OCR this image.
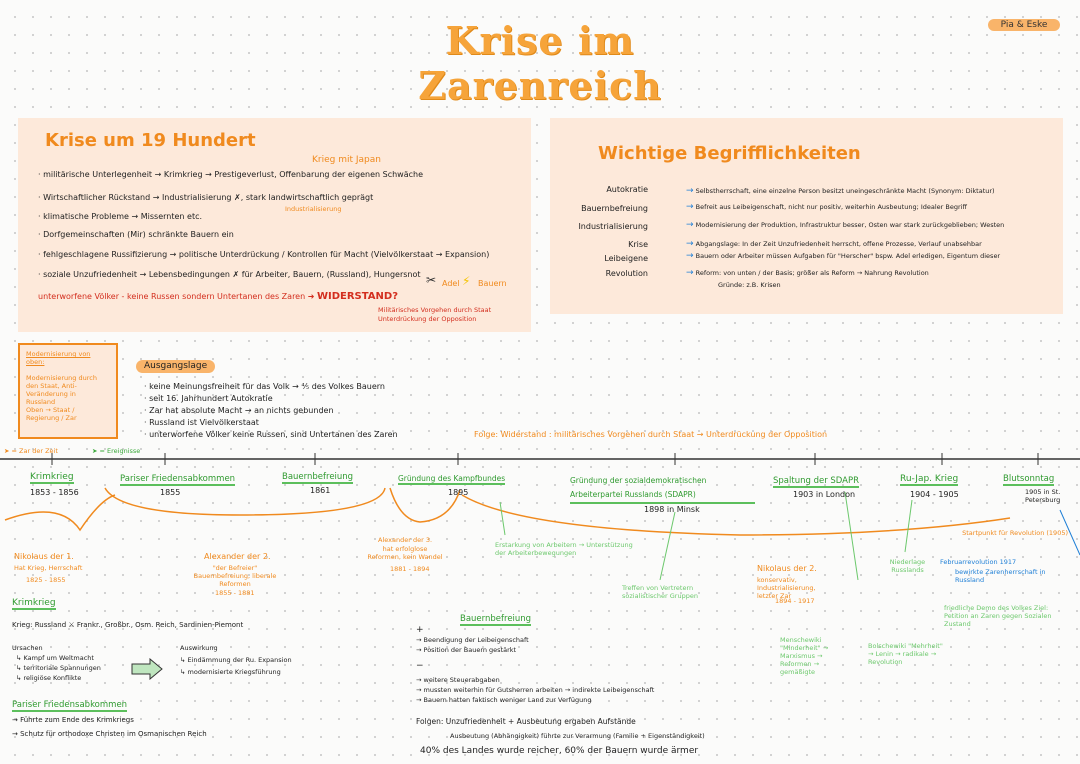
Krise im Zarenreich
Pia & Eske
Krise um 19 Hundert
Krieg mit Japan
· militärische Unterlegenheit → Krimkrieg → Prestigeverlust, Offenbarung der eigenen Schwäche
· Wirtschaftlicher Rückstand → Industrialisierung ✗, stark landwirtschaftlich geprägt
Industrialisierung
· klimatische Probleme → Missernten etc.
· Dorfgemeinschaften (Mir) schränkte Bauern ein
· fehlgeschlagene Russifizierung → politische Unterdrückung / Kontrollen für Macht (Vielvölkerstaat → Expansion)
· soziale Unzufriedenheit → Lebensbedingungen ✗ für Arbeiter, Bauern, (Russland), Hungersnot ✂ Adel ⚡ Bauern
unterworfene Völker - keine Russen sondern Untertanen des Zaren ➜ WIDERSTAND?
Militärisches Vorgehen durch Staat
Unterdrückung der Opposition
Wichtige Begrifflichkeiten
Autokratie	→ Selbstherrschaft, eine einzelne Person besitzt uneingeschränkte Macht (Synonym: Diktatur)
Bauernbefreiung	→ Befreit aus Leibeigenschaft, nicht nur positiv, weiterhin Ausbeutung; Idealer Begriff
Industrialisierung	→ Modernisierung der Produktion, Infrastruktur besser, Osten war stark zurückgeblieben; Westen
Krise	→ Abgangslage: In der Zeit Unzufriedenheit herrscht, offene Prozesse, Verlauf unabsehbar
Leibeigene	→ Bauern oder Arbeiter müssen Aufgaben für "Herscher" bspw. Adel erledigen, Eigentum dieser
Revolution	→ Reform: von unten / der Basis; größer als Reform → Nahrung Revolution
Gründe: z.B. Krisen
Modernisierung von oben:
Modernisierung durch den Staat, Anti-Veränderung in Russland
Oben → Staat / Regierung / Zar
Ausgangslage
· keine Meinungsfreiheit für das Volk → ⅘ des Volkes Bauern
· seit 16. Jahrhundert Autokratie
· Zar hat absolute Macht → an nichts gebunden
· Russland ist Vielvölkerstaat
· unterworfene Völker keine Russen, sind Untertanen des Zaren	Folge: Widerstand : militärisches Vorgehen durch Staat → Unterdrückung der Opposition
➤ = Zar der Zeit	➤ = Ereignisse
Krimkrieg
1853 - 1856
Pariser Friedensabkommen
1855
Bauernbefreiung
1861
Gründung des Kampfbundes
1895
Gründung der sozialdemokratischen Arbeiterpartei Russlands (SDAPR)
1898 in Minsk
Spaltung der SDAPR
1903 in London
Ru-Jap. Krieg
1904 - 1905
Blutsonntag
1905 in St. Petersburg
Nikolaus der 1.
Hat Krieg, Herrschaft
1825 - 1855
Alexander der 2.
"der Befreier" Bauernbefreiung, liberale Reformen
1855 - 1881
Alexander der 3.
hat erfolglose Reformen, kein Wandel
1881 - 1894	Nikolaus der 2.
konservativ, Industrialisierung, letzter Zar
1894 - 1917
Erstarkung von Arbeitern → Unterstützung der Arbeiterbewegungen
Treffen von Vertretern sozialistischer Gruppen
Niederlage Russlands
Startpunkt für Revolution (1905)
Februarrevolution 1917
bewirkte Zarenherrschaft in Russland
Menschewiki "Minderheit" → Marxismus → Reformen → gemäßigte
Bolschewiki "Mehrheit" → Lenin → radikale → Revolution
friedliche Demo des Volkes Ziel: Petition an Zaren gegen Sozialen Zustand
Krimkrieg
Krieg: Russland ⚔ Frankr., Großbr., Osm. Reich, Sardinien-Piemont
Ursachen
↳ Kampf um Weltmacht
↳ territoriale Spannungen
↳ religiöse Konflikte
Auswirkung
↳ Eindämmung der Ru. Expansion
↳ modernisierte Kriegsführung
Pariser Friedensabkommen
→ Führte zum Ende des Krimkriegs
→ Schutz für orthodoxe Christen im Osmanischen Reich
Bauernbefreiung
+
→ Beendigung der Leibeigenschaft
→ Position der Bauern gestärkt
−
→ weitere Steuerabgaben
→ mussten weiterhin für Gutsherren arbeiten → indirekte Leibeigenschaft
→ Bauern hatten faktisch weniger Land zur Verfügung
Folgen: Unzufriedenheit + Ausbeutung ergaben Aufstände
Ausbeutung (Abhängigkeit) führte zur Verarmung (Familie + Eigenständigkeit)
40% des Landes wurde reicher, 60% der Bauern wurde ärmer
